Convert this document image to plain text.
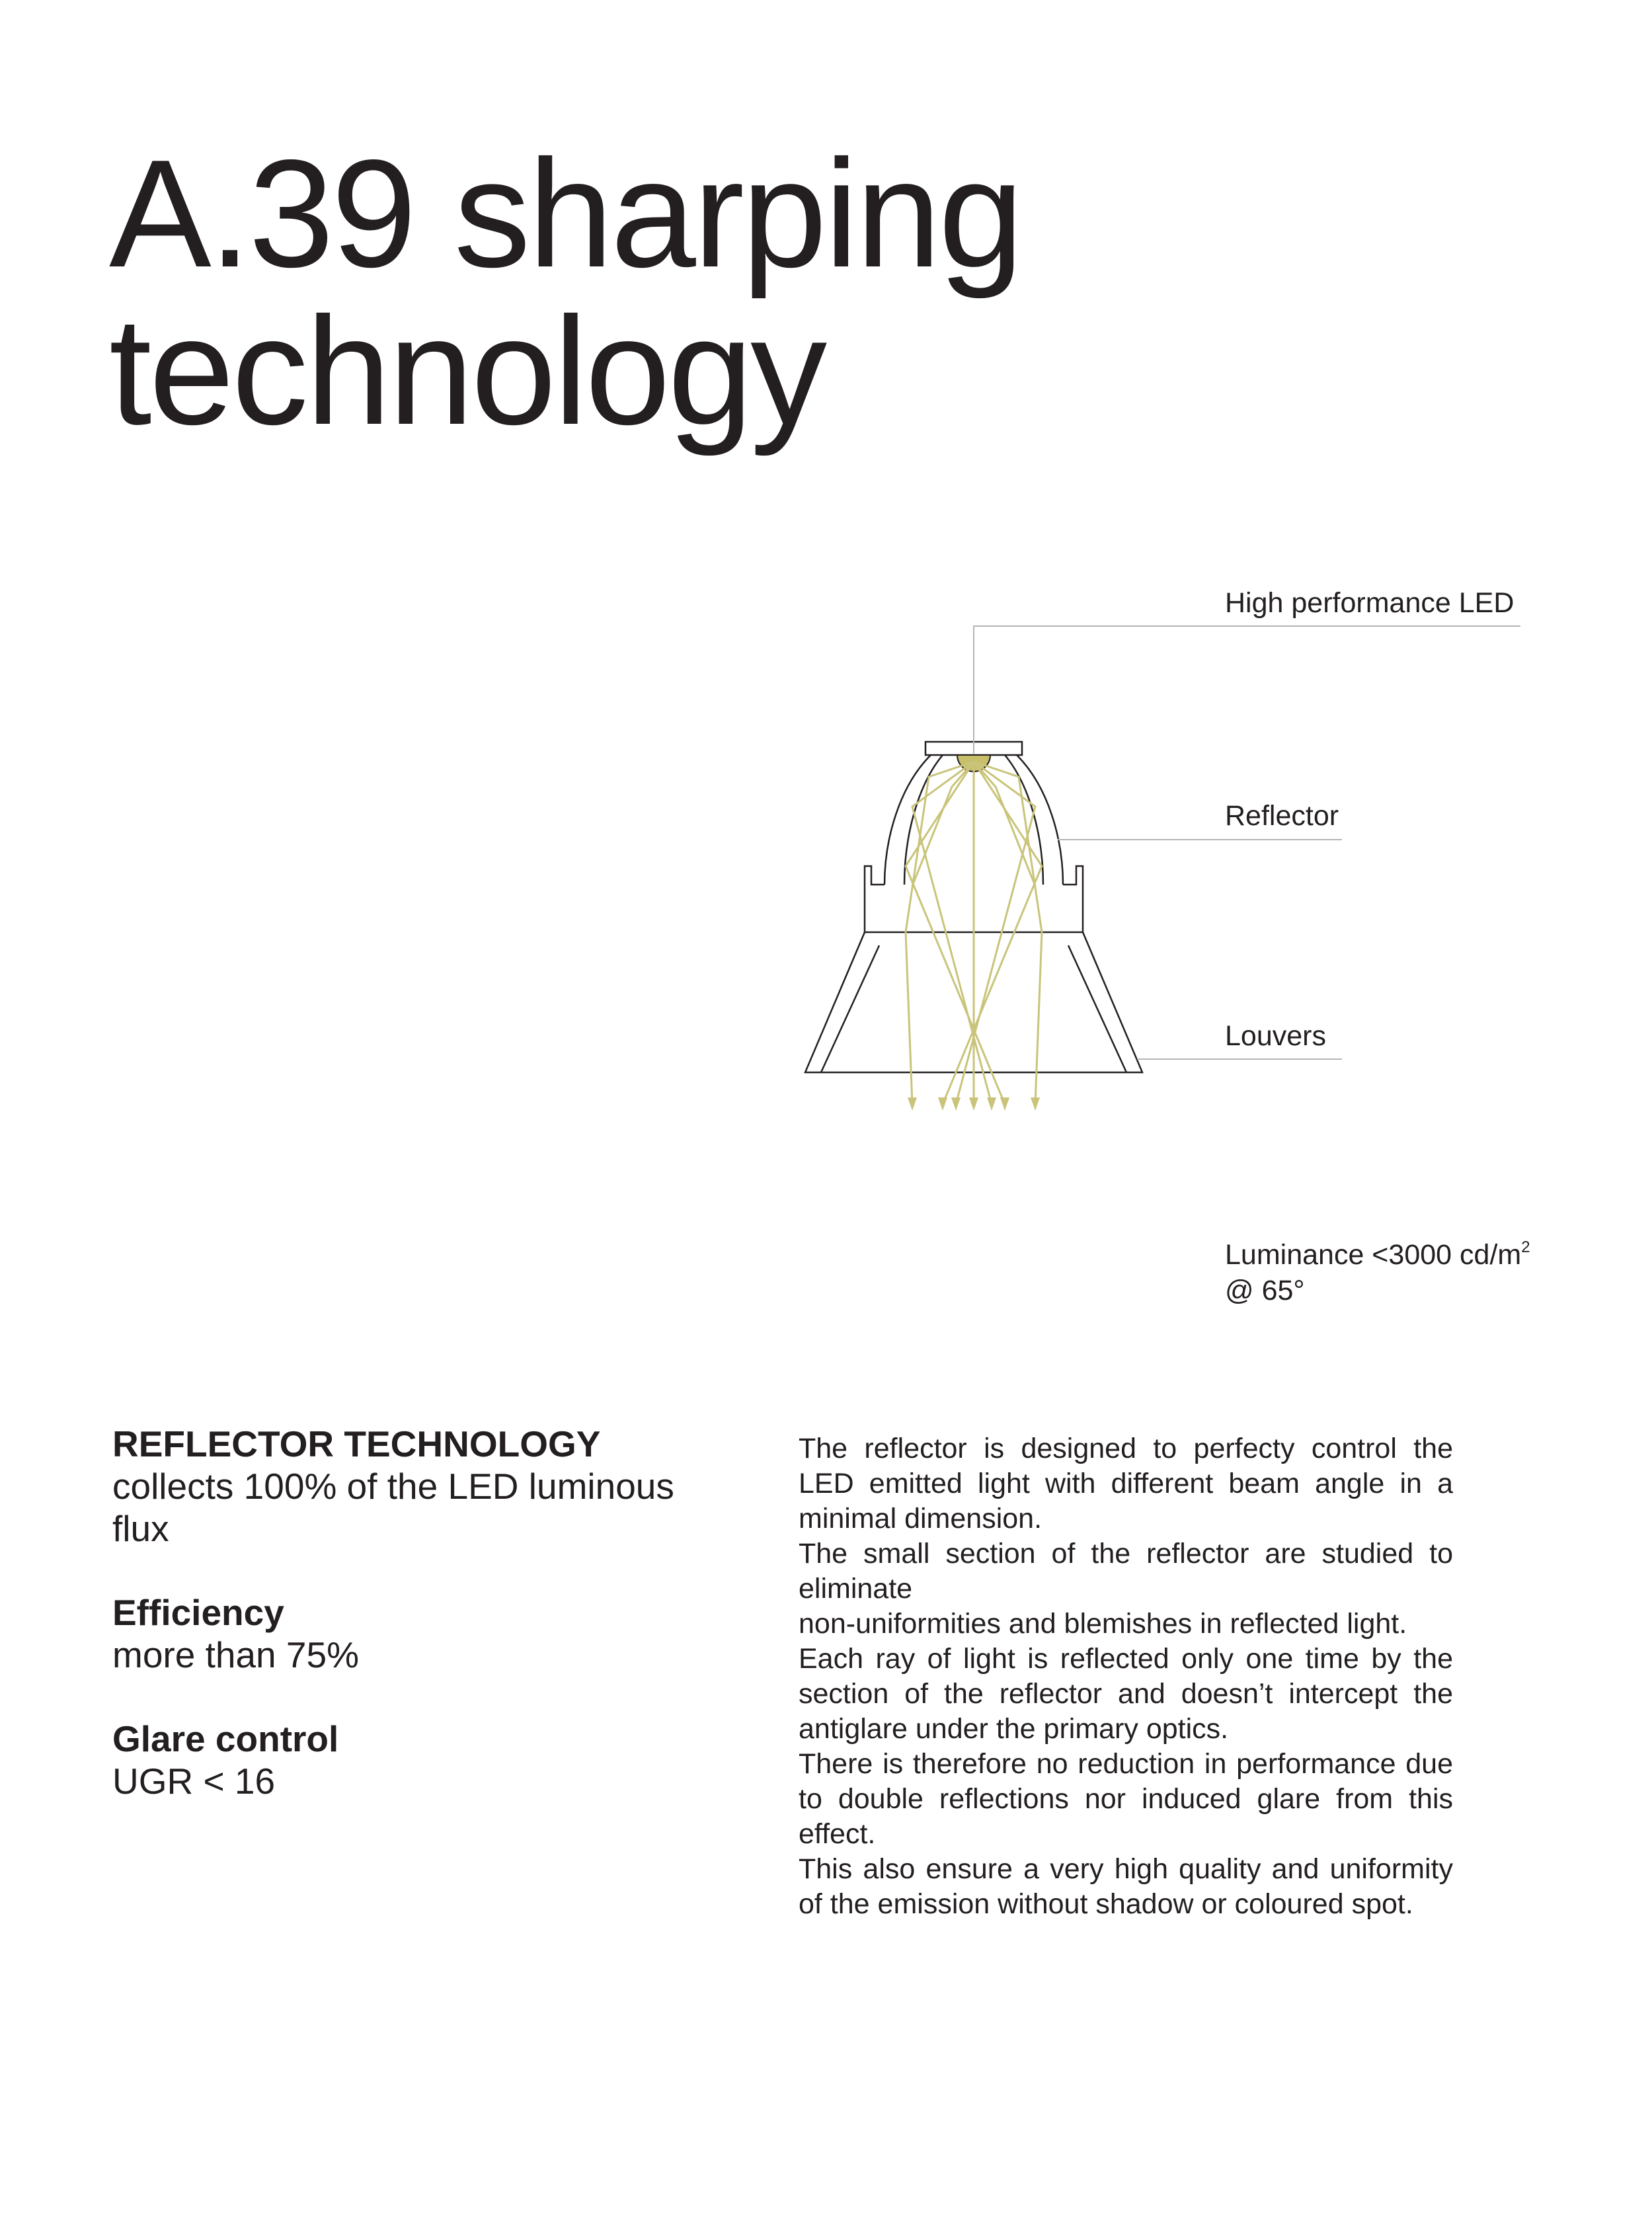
A.39 sharping
technology
High performance LED
Reflector
Louvers
Luminance <3000 $cd/m^2$
@ 65°
REFLECTOR TECHNOLOGY
collects 100% of the LED luminous
flux
Efficiency
more than 75%
Glare control
UGR < 16

The reflector is designed to perfecty control the LED emitted light with different beam angle in a minimal dimension.

The small section of the reflector are studied to eliminate

non-uniformities and blemishes in reflected light.

Each ray of light is reflected only one time by the section of the reflector and doesn’t intercept the antiglare under the primary optics.

There is therefore no reduction in performance due to double reflections nor induced glare from this effect.

This also ensure a very high quality and uniformity of the emission without shadow or coloured spot.
